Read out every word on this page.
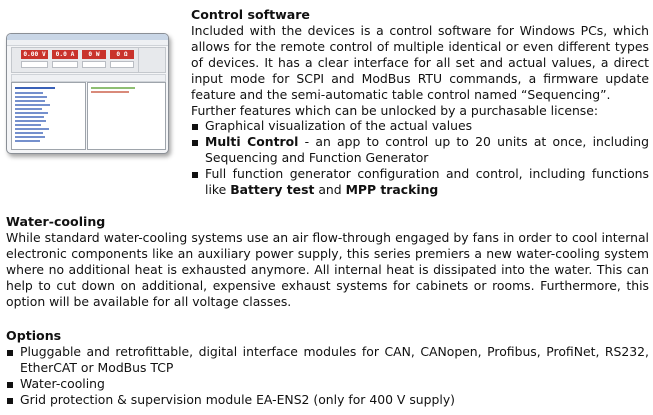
0.00 V	0.0 A	0 W	0 Ω
Control software
Included with the devices is a control software for Windows PCs, which allows for the remote control of multiple identical or even different types of devices. It has a clear interface for all set and actual values, a direct input mode for SCPI and ModBus RTU commands, a firmware update feature and the semi-automatic table control named “Sequencing”.
Further features which can be unlocked by a purchasable license:
Graphical visualization of the actual values
Multi Control - an app to control up to 20 units at once, including Sequencing and Function Generator
Full function generator configuration and control, including functions like Battery test and MPP tracking
Water-cooling
While standard water-cooling systems use an air flow-through engaged by fans in order to cool internal electronic components like an auxiliary power supply, this series premiers a new water-cooling system where no additional heat is exhausted anymore. All internal heat is dissipated into the water. This can help to cut down on additional, expensive exhaust systems for cabinets or rooms. Furthermore, this option will be available for all voltage classes.
Options
Pluggable and retrofittable, digital interface modules for CAN, CANopen, Profibus, ProfiNet, RS232, EtherCAT or ModBus TCP
Water-cooling
Grid protection & supervision module EA-ENS2 (only for 400 V supply)
